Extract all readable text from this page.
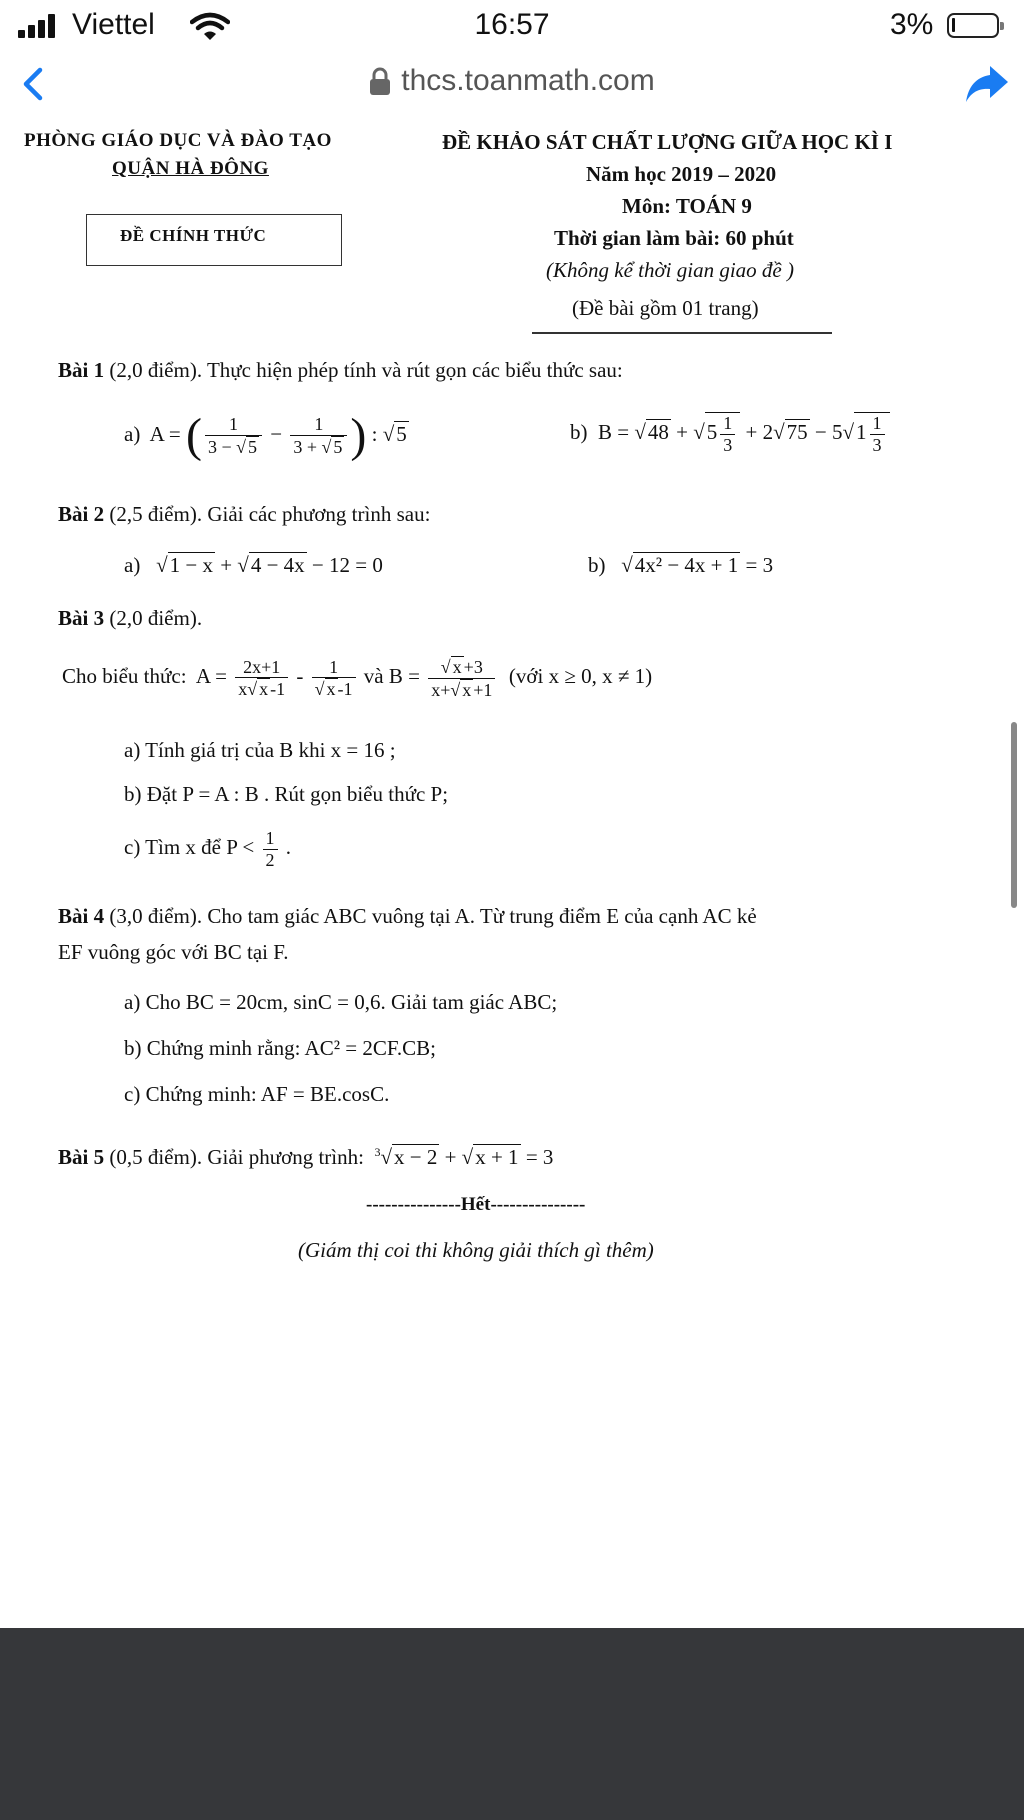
Viettel	16:57	3%
thcs.toanmath.com
PHÒNG GIÁO DỤC VÀ ĐÀO TẠO
QUẬN HÀ ĐÔNG
ĐỀ CHÍNH THỨC
ĐỀ KHẢO SÁT CHẤT LƯỢNG GIỮA HỌC KÌ I
Năm học 2019 – 2020
Môn: TOÁN 9
Thời gian làm bài: 60 phút
(Không kể thời gian giao đề )
(Đề bài gồm 01 trang)
Bài 1 (2,0 điểm). Thực hiện phép tính và rút gọn các biểu thức sau:
a)  A = ( $\frac{1}{3 - √ 5} - \frac{1}{3 + √ 5}$ ) : √5	b)  $B = √48 + √5 \frac{1}{3} + 2√75 - 5√1 \frac{1}{3}$
Bài 2 (2,5 điểm). Giải các phương trình sau:
a)   √1 − x + √4 − 4x − 12 = 0	b)   √4x² − 4x + 1 = 3
Bài 3 (2,0 điểm).
Cho biểu thức:  $A = \frac{2x+1}{x√ x -1} - \frac{1}{√ x -1}$ và $B = \frac{√ x +3}{x+√ x +1}$ (với x ≥ 0, x ≠ 1)
a) Tính giá trị của B khi x = 16 ;
b) Đặt P = A : B . Rút gọn biểu thức P;
c) Tìm x để $P < \frac{1}{2}$ .
Bài 4 (3,0 điểm). Cho tam giác ABC vuông tại A. Từ trung điểm E của cạnh AC kẻ
EF vuông góc với BC tại F.
a) Cho BC = 20cm, sinC = 0,6. Giải tam giác ABC;
b) Chứng minh rằng: AC² = 2CF.CB;
c) Chứng minh: AF = BE.cosC.
Bài 5 (0,5 điểm). Giải phương trình: $^3$√x − 2 + √x + 1 = 3
---------------Hết---------------
(Giám thị coi thi không giải thích gì thêm)
